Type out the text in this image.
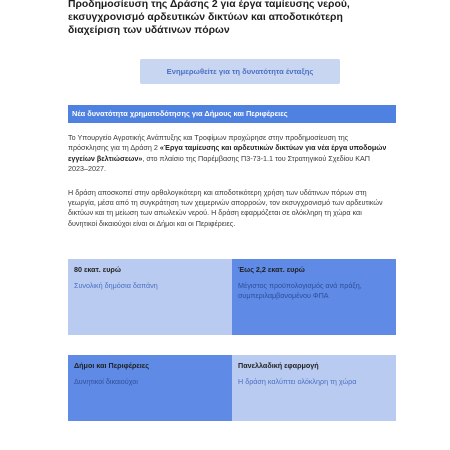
Προδημοσίευση της Δράσης 2 για έργα ταμίευσης νερού, εκσυγχρονισμό αρδευτικών δικτύων και αποδοτικότερη διαχείριση των υδάτινων πόρων
Ενημερωθείτε για τη δυνατότητα ένταξης
Νέα δυνατότητα χρηματοδότησης για Δήμους και Περιφέρειες

Το Υπουργείο Αγροτικής Ανάπτυξης και Τροφίμων προχώρησε στην προδημοσίευση της πρόσκλησης για τη Δράση 2 «Έργα ταμίευσης και αρδευτικών δικτύων για νέα έργα υποδομών εγγείων βελτιώσεων», στο πλαίσιο της Παρέμβασης Π3-73-1.1 του Στρατηγικού Σχεδίου ΚΑΠ 2023–2027.

Η δράση αποσκοπεί στην ορθολογικότερη και αποδοτικότερη χρήση των υδάτινων πόρων στη γεωργία, μέσα από τη συγκράτηση των χειμερινών απορροών, τον εκσυγχρονισμό των αρδευτικών δικτύων και τη μείωση των απωλειών νερού. Η δράση εφαρμόζεται σε ολόκληρη τη χώρα και δυνητικοί δικαιούχοι είναι οι Δήμοι και οι Περιφέρειες.

80 εκατ. ευρώ
Συνολική δημόσια δαπάνη
Έως 2,2 εκατ. ευρώ
Μέγιστος προϋπολογισμός ανά πράξη, συμπεριλαμβανομένου ΦΠΑ
Δήμοι και Περιφέρειες
Δυνητικοί δικαιούχοι
Πανελλαδική εφαρμογή
Η δράση καλύπτει ολόκληρη τη χώρα
